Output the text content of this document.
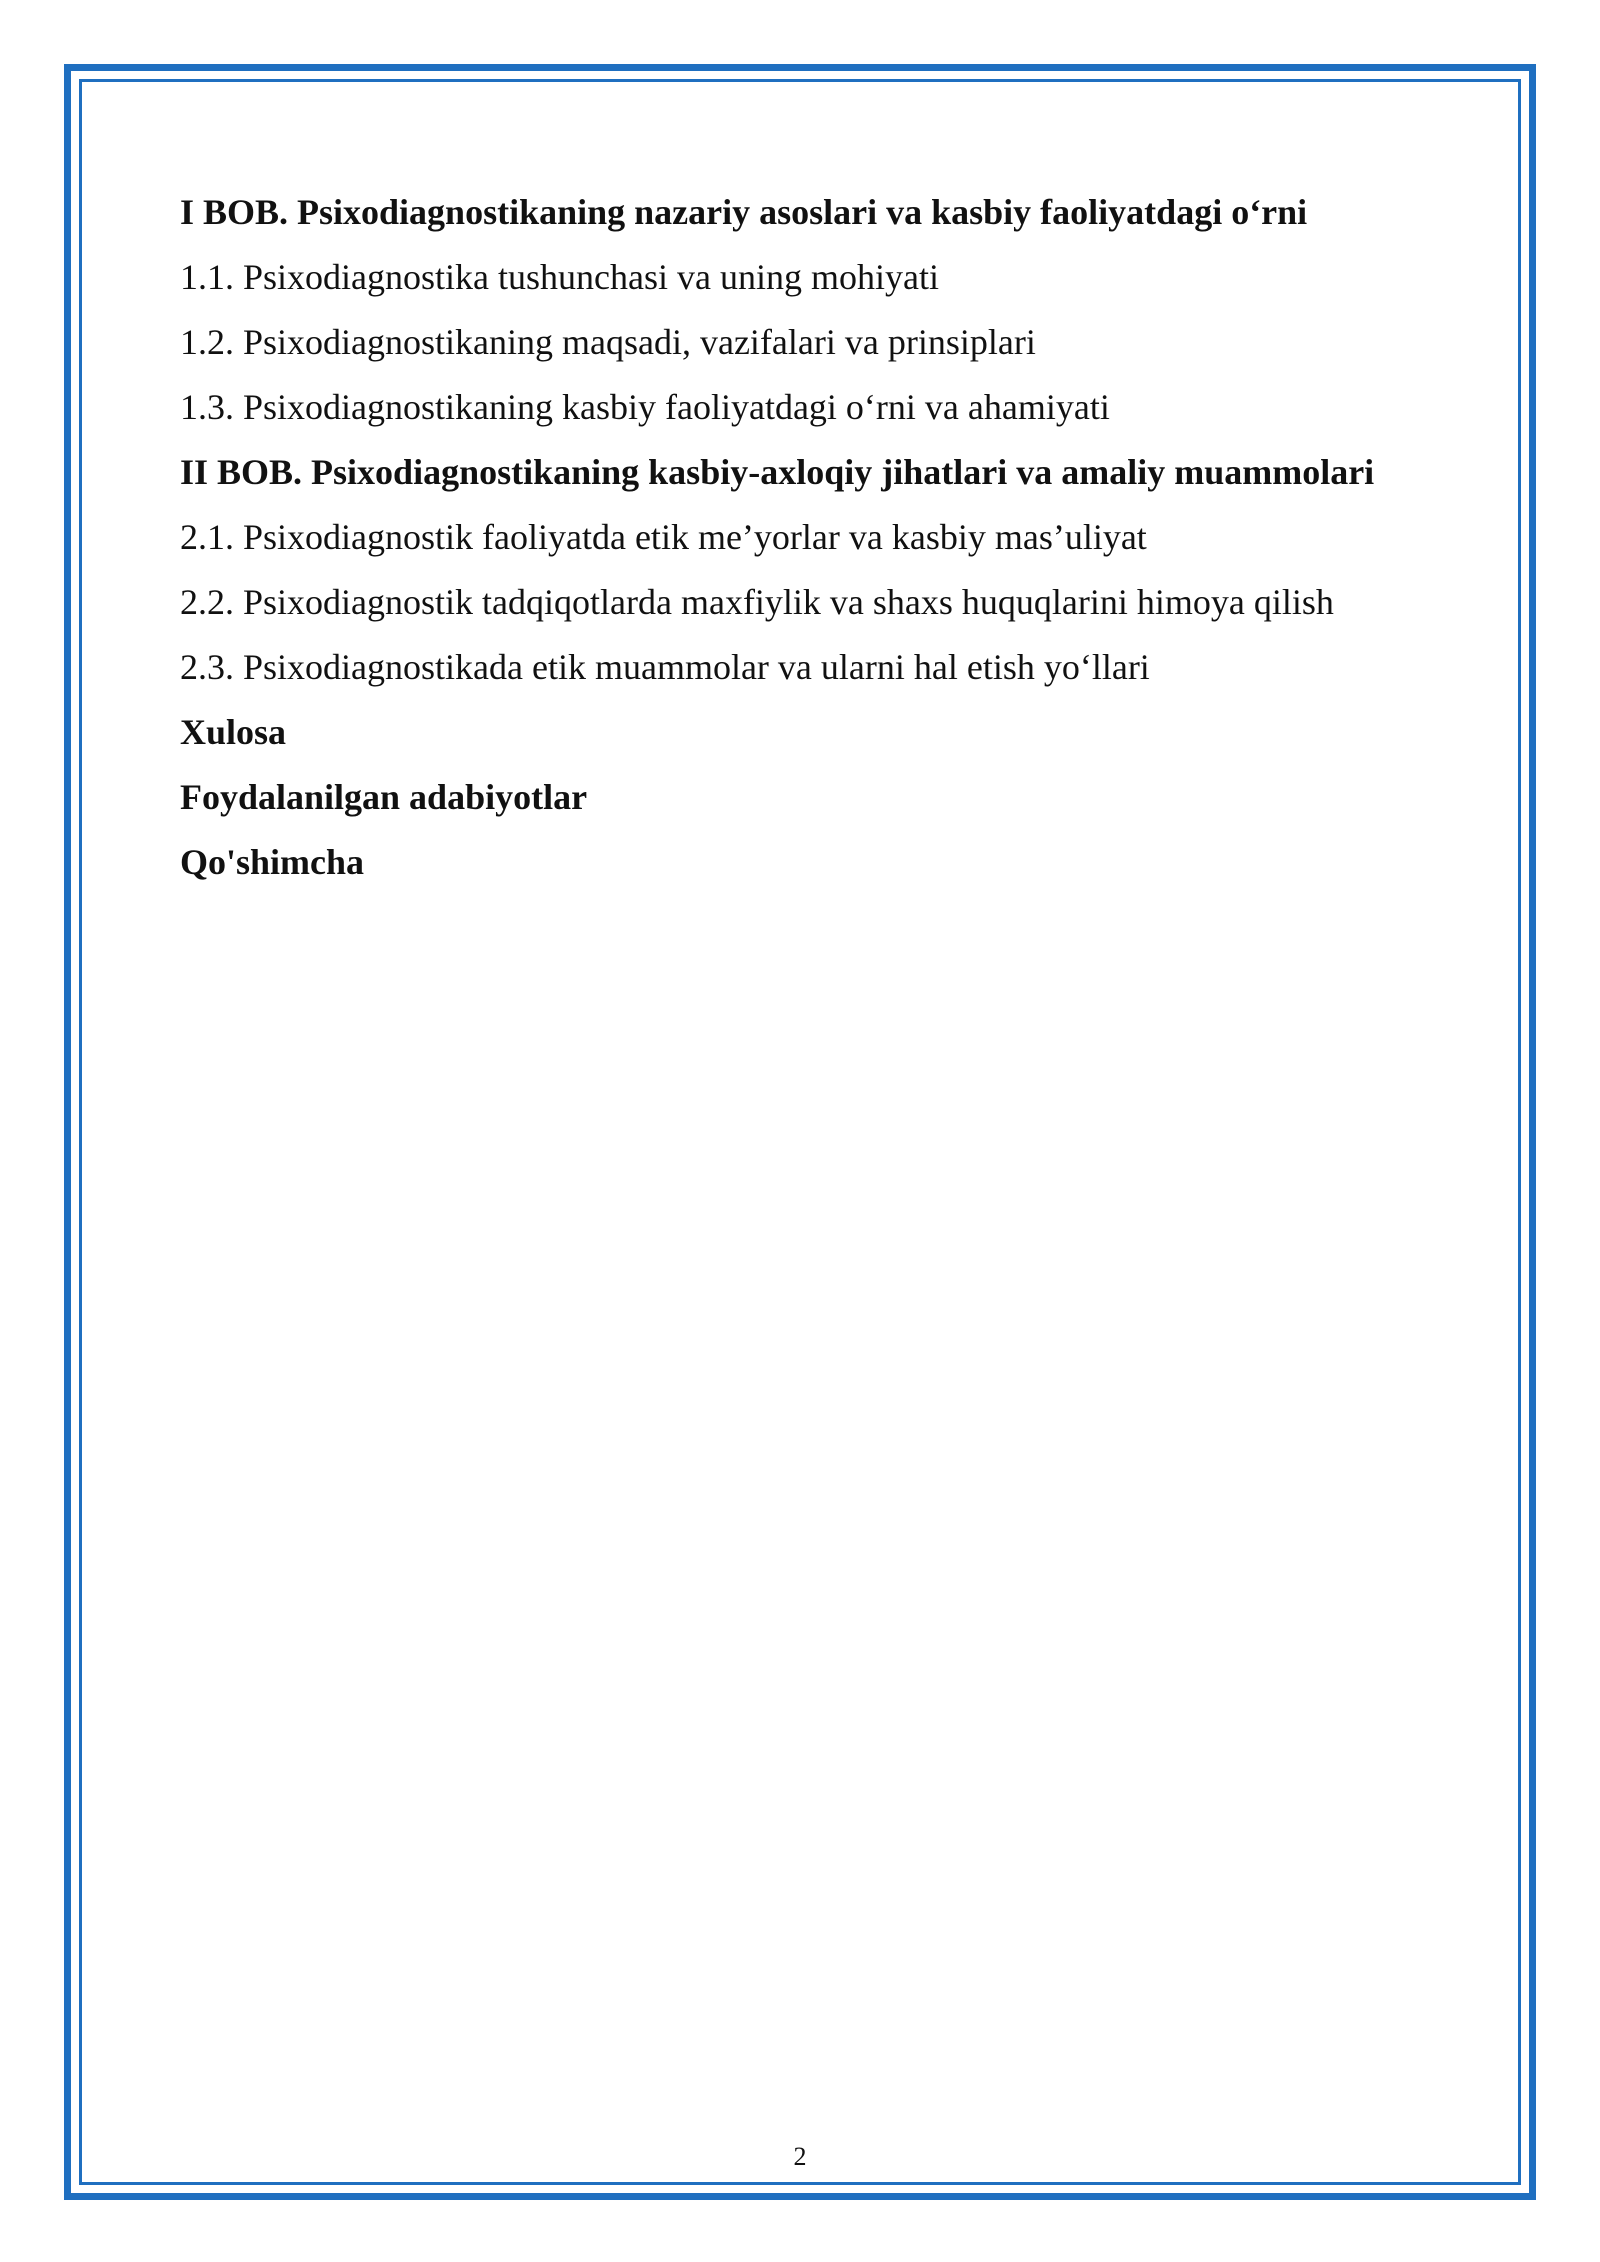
I BOB. Psixodiagnostikaning nazariy asoslari va kasbiy faoliyatdagi o‘rni
1.1. Psixodiagnostika tushunchasi va uning mohiyati
1.2. Psixodiagnostikaning maqsadi, vazifalari va prinsiplari
1.3. Psixodiagnostikaning kasbiy faoliyatdagi o‘rni va ahamiyati
II BOB. Psixodiagnostikaning kasbiy-axloqiy jihatlari va amaliy muammolari
2.1. Psixodiagnostik faoliyatda etik me’yorlar va kasbiy mas’uliyat
2.2. Psixodiagnostik tadqiqotlarda maxfiylik va shaxs huquqlarini himoya qilish
2.3. Psixodiagnostikada etik muammolar va ularni hal etish yo‘llari
Xulosa
Foydalanilgan adabiyotlar
Qo'shimcha
2
